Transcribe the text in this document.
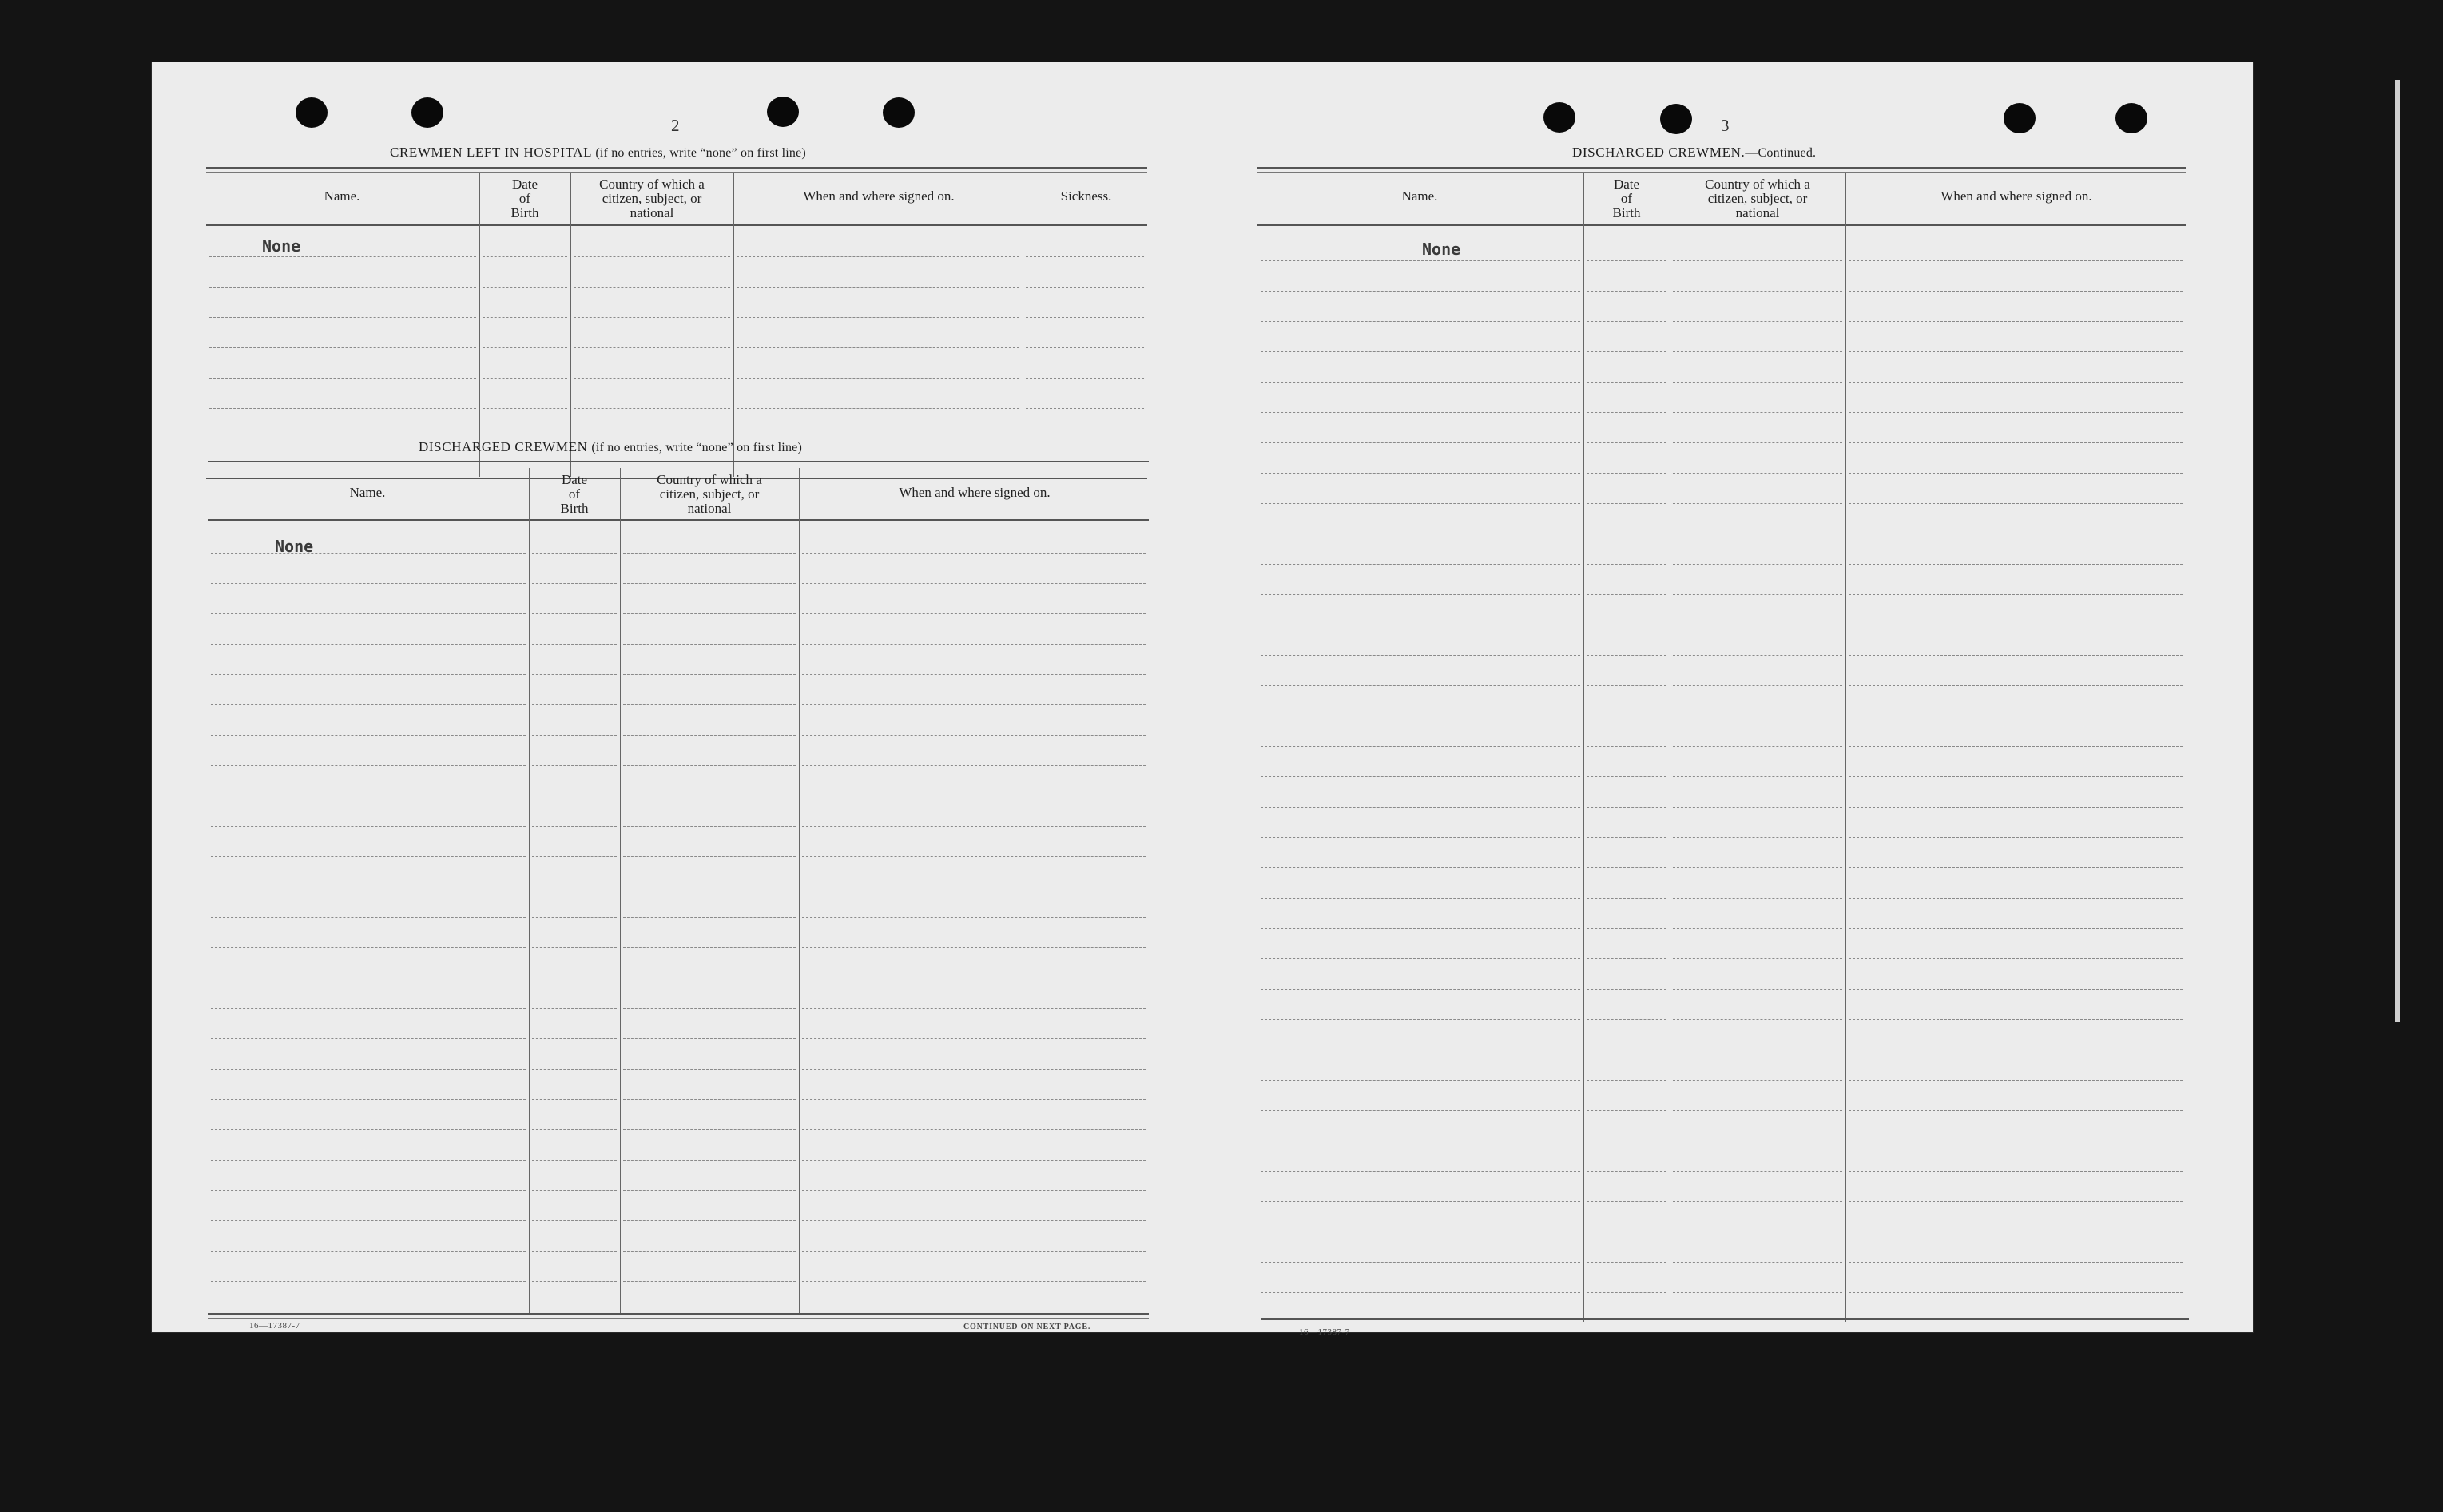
2
CREWMEN LEFT IN HOSPITAL (if no entries, write “none” on first line)
Name.
Date
of
Birth
Country of which a
citizen, subject, or
national
When and where signed on.	Sickness.
None
DISCHARGED CREWMEN (if no entries, write “none” on first line)
Name.
Date
of
Birth
Country of which a
citizen, subject, or
national
When and where signed on.
None
16—17387-7	CONTINUED ON NEXT PAGE.
3
DISCHARGED CREWMEN.—Continued.
Name.
Date
of
Birth
Country of which a
citizen, subject, or
national
When and where signed on.
None
16—17387-7
